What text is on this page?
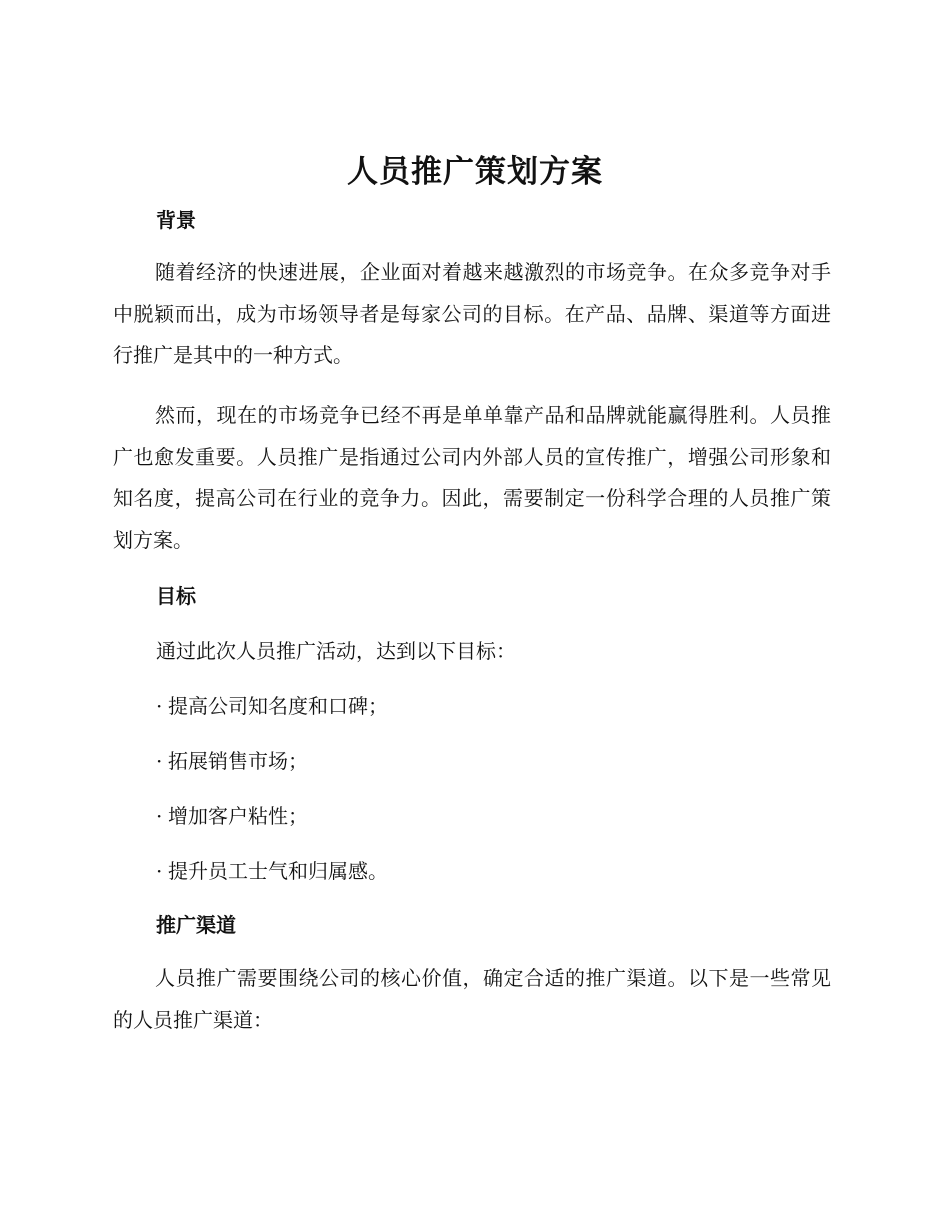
人员推广策划方案
背景

随着经济的快速进展，企业面对着越来越激烈的市场竞争。在众多竞争对手中脱颖而出，成为市场领导者是每家公司的目标。在产品、品牌、渠道等方面进行推广是其中的一种方式。

然而，现在的市场竞争已经不再是单单靠产品和品牌就能赢得胜利。人员推广也愈发重要。人员推广是指通过公司内外部人员的宣传推广，增强公司形象和知名度，提高公司在行业的竞争力。因此，需要制定一份科学合理的人员推广策划方案。

目标

通过此次人员推广活动，达到以下目标：

· 提高公司知名度和口碑；

· 拓展销售市场；

· 增加客户粘性；

· 提升员工士气和归属感。

推广渠道

人员推广需要围绕公司的核心价值，确定合适的推广渠道。以下是一些常见的人员推广渠道：
